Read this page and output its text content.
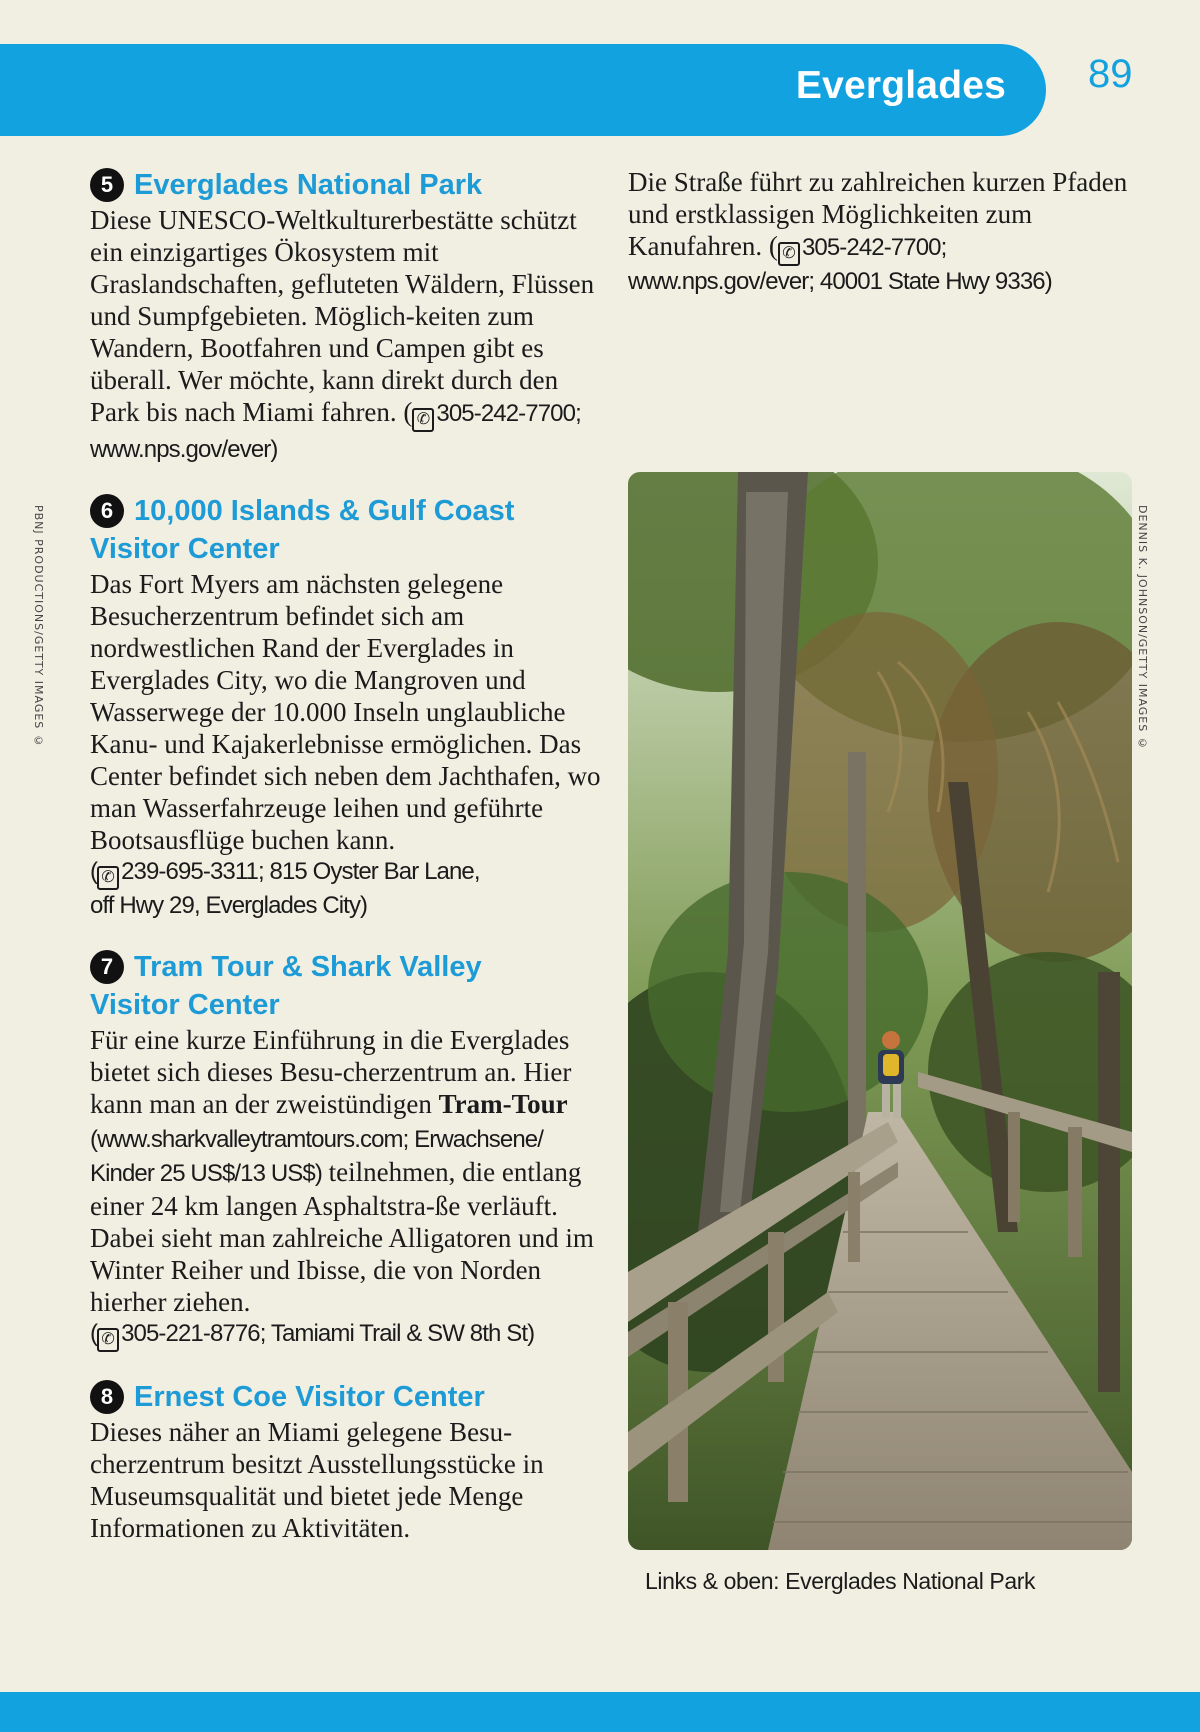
Everglades 89
PBNJ PRODUCTIONS/GETTY IMAGES ©	DENNIS K. JOHNSON/GETTY IMAGES ©
5 Everglades National Park
Diese UNESCO-Weltkulturerbestätte schützt ein einzigartiges Ökosystem mit Graslandschaften, gefluteten Wäldern, Flüssen und Sumpfgebieten. Möglich-keiten zum Wandern, Bootfahren und Campen gibt es überall. Wer möchte, kann direkt durch den Park bis nach Miami fahren. ( ✆ 305-242-7700; www.nps.gov/ever)
6 10,000 Islands & Gulf Coast
Visitor Center
Das Fort Myers am nächsten gelegene Besucherzentrum befindet sich am nordwestlichen Rand der Everglades in Everglades City, wo die Mangroven und Wasserwege der 10.000 Inseln unglaubliche Kanu- und Kajakerlebnisse ermöglichen. Das Center befindet sich neben dem Jachthafen, wo man Wasserfahrzeuge leihen und geführte Bootsausflüge buchen kann.
( ✆ 239-695-3311; 815 Oyster Bar Lane,
off Hwy 29, Everglades City)
7 Tram Tour & Shark Valley
Visitor Center
Für eine kurze Einführung in die Everglades bietet sich dieses Besu-cherzentrum an. Hier kann man an der zweistündigen Tram-Tour (www.sharkvalleytramtours.com; Erwachsene/ Kinder 25 US$/13 US$) teilnehmen, die entlang einer 24 km langen Asphaltstra-ße verläuft. Dabei sieht man zahlreiche Alligatoren und im Winter Reiher und Ibisse, die von Norden hierher ziehen.
( ✆ 305-221-8776; Tamiami Trail & SW 8th St)
8 Ernest Coe Visitor Center
Dieses näher an Miami gelegene Besu-cherzentrum besitzt Ausstellungsstücke in Museumsqualität und bietet jede Menge Informationen zu Aktivitäten.
Die Straße führt zu zahlreichen kurzen Pfaden und erstklassigen Möglichkeiten zum Kanufahren. ( ✆ 305-242-7700;
www.nps.gov/ever; 40001 State Hwy 9336)
Links & oben: Everglades National Park
